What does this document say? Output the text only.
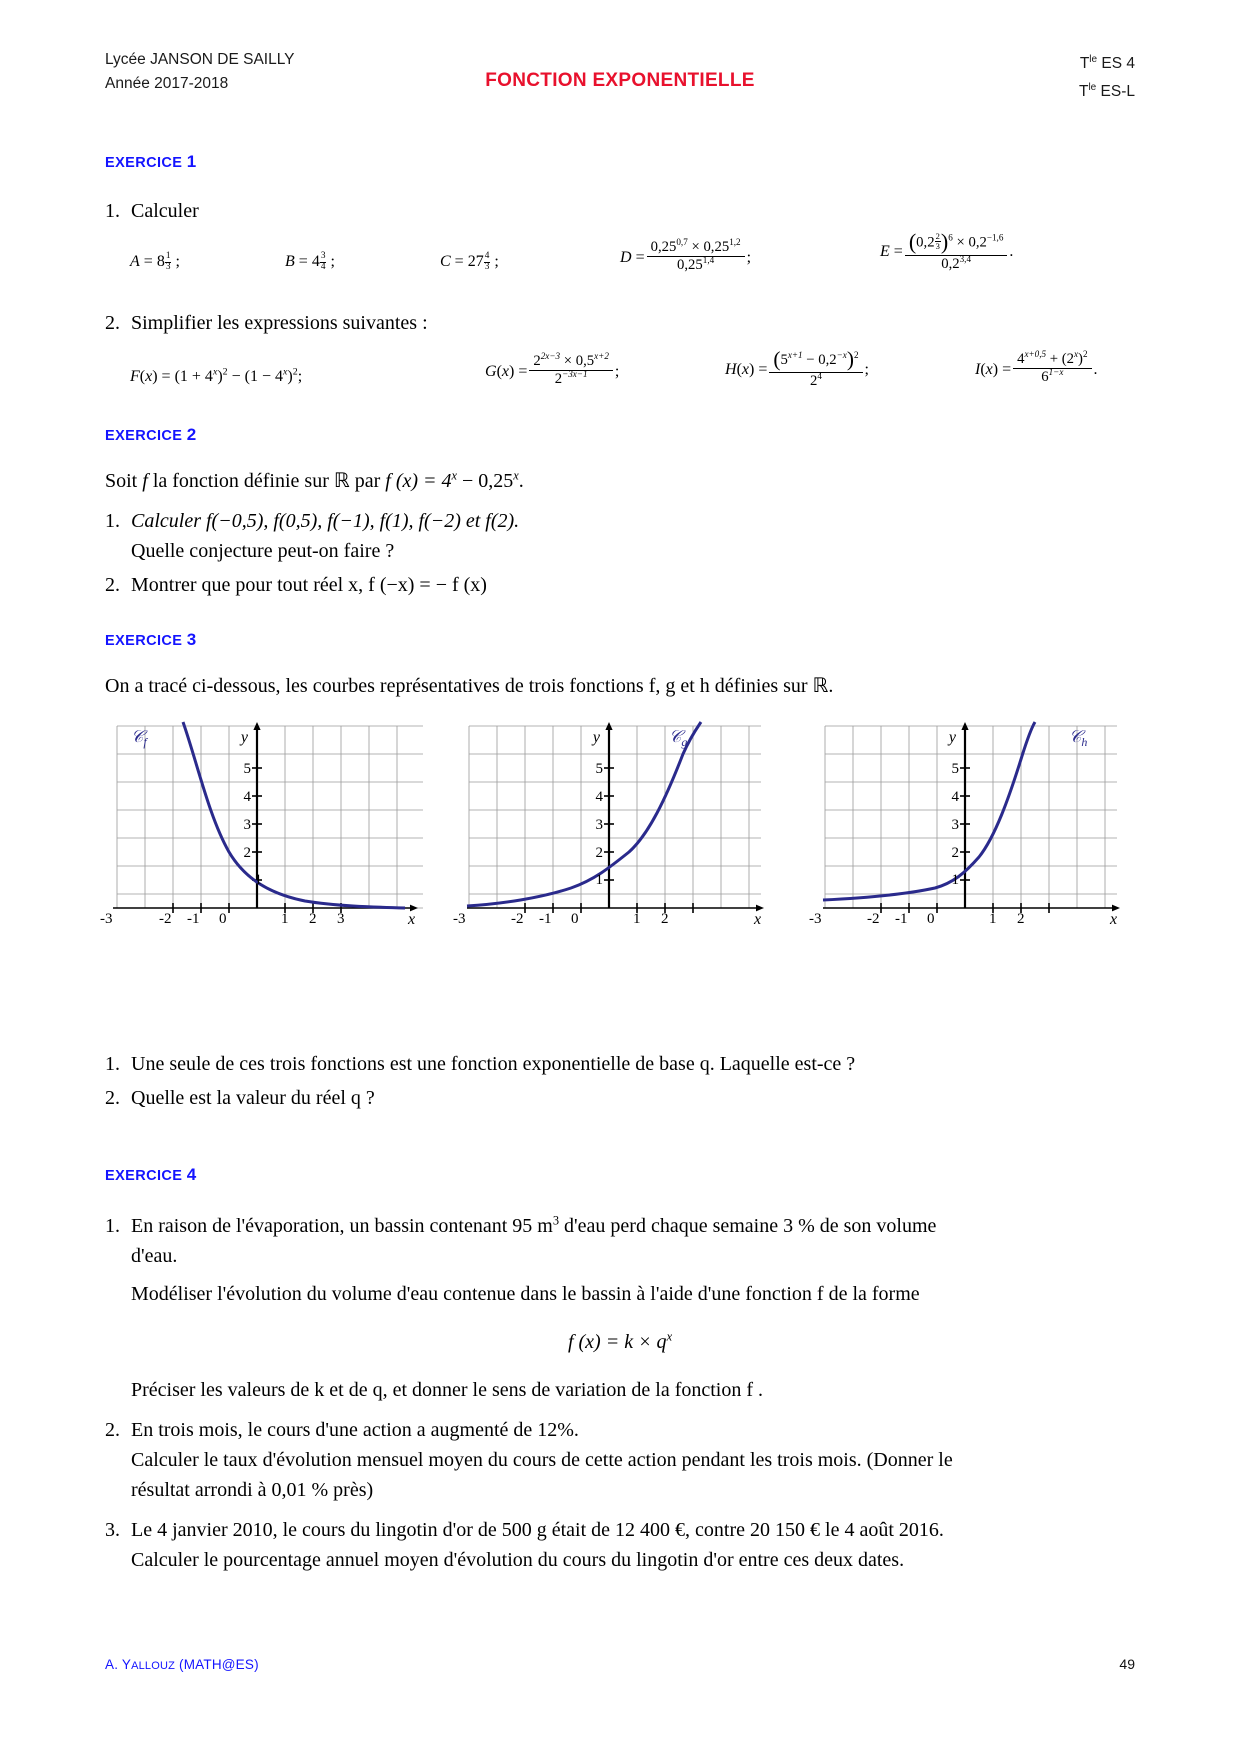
Lycée JANSON DE SAILLY
Année 2017-2018
$T^{le}$ ES 4
$T^{le}$ ES-L
FONCTION EXPONENTIELLE
EXERCICE 1
1. Calculer
$A = 8 \frac{1}{3}$ ;	$B = 4 \frac{3}{4}$ ;	$C = 27 \frac{4}{3}$ ;	$D = \frac{0,25^{0,7} \times 0,25^{1,2}}{0,25^{1,4}}$ ;	$E = \frac{(0,2 \frac{2}{3} )^6 \times 0,2^{-1,6}}{0,2^{3,4}}$ .
2. Simplifier les expressions suivantes :
$F(x) = (1 + 4^x)^2 - (1 - 4^x)^2$;	$G(x) = \frac{2^{2x-3} \times 0,5^{x+2}}{2^{-3x-1}}$ ;	$H(x) = \frac{(5^{x+1} - 0,2^{-x})^2}{2^4}$ ;	$I(x) = \frac{4^{x+0,5} + (2^x)^2}{6^{1-x}}$ .
EXERCICE 2
Soit f la fonction définie sur ℝ par f $(x) = 4^x - 0,25^x$.
1. Calculer f(−0,5), f(0,5), f(−1), f(1), f(−2) et f(2).
Quelle conjecture peut-on faire ?
2. Montrer que pour tout réel x, f (−x) = − f (x)
EXERCICE 3
On a tracé ci-dessous, les courbes représentatives de trois fonctions f, g et h définies sur ℝ.
1
2
3
4
5
y
x
𝒞$_f$
-3	-2 -1 0	1 2 3
1
2
3
4
5
y
x
𝒞$_g$
-3	-2 -1 0	1 2
1
2
3
4
5
y
x
𝒞$_h$
-3	-2 -1 0	1 2
1. Une seule de ces trois fonctions est une fonction exponentielle de base q. Laquelle est-ce ?
2. Quelle est la valeur du réel q ?
EXERCICE 4
1. En raison de l'évaporation, un bassin contenant 95 $m^3$ d'eau perd chaque semaine 3 % de son volume
d'eau.
Modéliser l'évolution du volume d'eau contenue dans le bassin à l'aide d'une fonction f de la forme
f $(x) = k \times q^x$
Préciser les valeurs de k et de q, et donner le sens de variation de la fonction f .
2. En trois mois, le cours d'une action a augmenté de 12%.
Calculer le taux d'évolution mensuel moyen du cours de cette action pendant les trois mois. (Donner le
résultat arrondi à 0,01 % près)
3. Le 4 janvier 2010, le cours du lingotin d'or de 500 g était de 12 400 €, contre 20 150 € le 4 août 2016.
Calculer le pourcentage annuel moyen d'évolution du cours du lingotin d'or entre ces deux dates.
A. YALLOUZ (MATH@ES)	49
